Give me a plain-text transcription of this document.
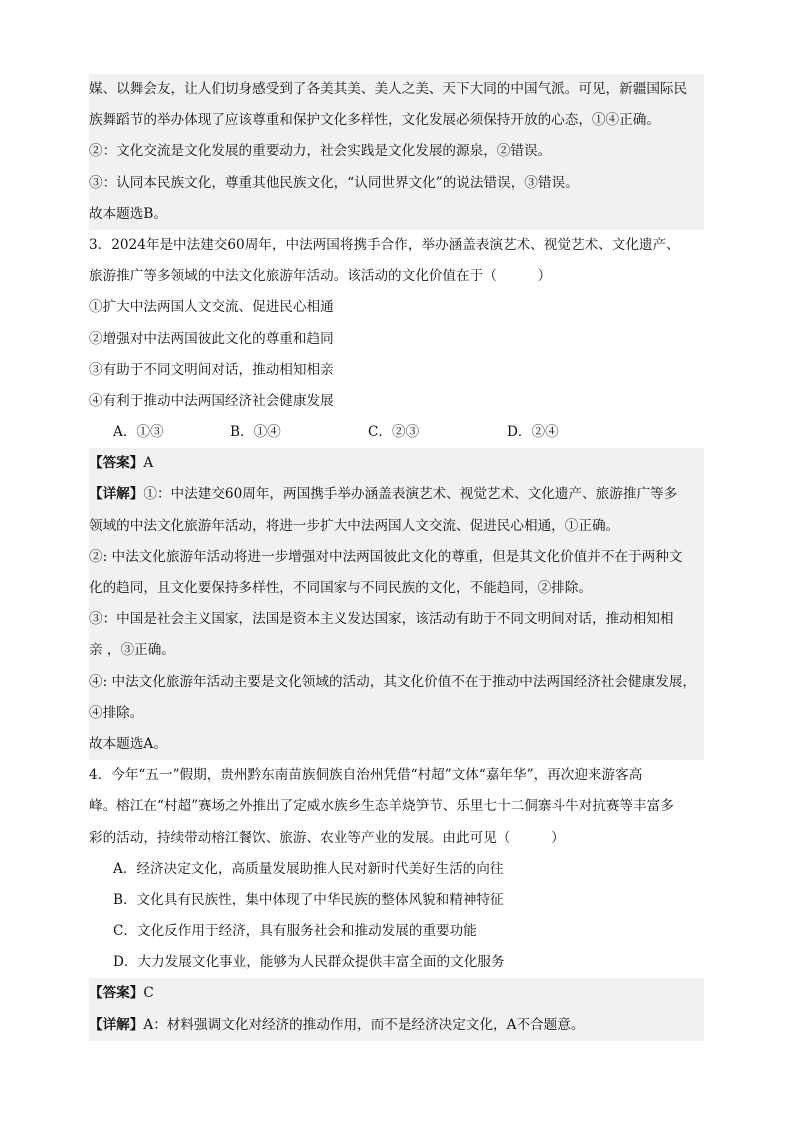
媒、以舞会友，让人们切身感受到了各美其美、美人之美、天下大同的中国气派。可见，新疆国际民
族舞蹈节的举办体现了应该尊重和保护文化多样性，文化发展必须保持开放的心态，①④正确。
②：文化交流是文化发展的重要动力，社会实践是文化发展的源泉，②错误。
③：认同本民族文化，尊重其他民族文化，“认同世界文化”的说法错误，③错误。
故本题选B。
3．2024年是中法建交60周年，中法两国将携手合作，举办涵盖表演艺术、视觉艺术、文化遗产、
旅游推广等多领域的中法文化旅游年活动。该活动的文化价值在于（　　　）
①扩大中法两国人文交流、促进民心相通
②增强对中法两国彼此文化的尊重和趋同
③有助于不同文明间对话，推动相知相亲
④有利于推动中法两国经济社会健康发展
A．①③	B．①④	C．②③	D．②④
【答案】A
【详解】①：中法建交60周年，两国携手举办涵盖表演艺术、视觉艺术、文化遗产、旅游推广等多
领域的中法文化旅游年活动，将进一步扩大中法两国人文交流、促进民心相通，①正确。
②: 中法文化旅游年活动将进一步增强对中法两国彼此文化的尊重，但是其文化价值并不在于两种文
化的趋同，且文化要保持多样性，不同国家与不同民族的文化，不能趋同，②排除。
③：中国是社会主义国家，法国是资本主义发达国家，该活动有助于不同文明间对话，推动相知相
亲 ，③正确。
④: 中法文化旅游年活动主要是文化领域的活动，其文化价值不在于推动中法两国经济社会健康发展，
④排除。
故本题选A。
4．今年“五一”假期，贵州黔东南苗族侗族自治州凭借“村超”文体“嘉年华”，再次迎来游客高
峰。榕江在“村超”赛场之外推出了定威水族乡生态羊烧笋节、乐里七十二侗寨斗牛对抗赛等丰富多
彩的活动，持续带动榕江餐饮、旅游、农业等产业的发展。由此可见（　　　）
A．经济决定文化，高质量发展助推人民对新时代美好生活的向往
B．文化具有民族性，集中体现了中华民族的整体风貌和精神特征
C．文化反作用于经济，具有服务社会和推动发展的重要功能
D．大力发展文化事业，能够为人民群众提供丰富全面的文化服务
【答案】C
【详解】A：材料强调文化对经济的推动作用，而不是经济决定文化，A不合题意。
